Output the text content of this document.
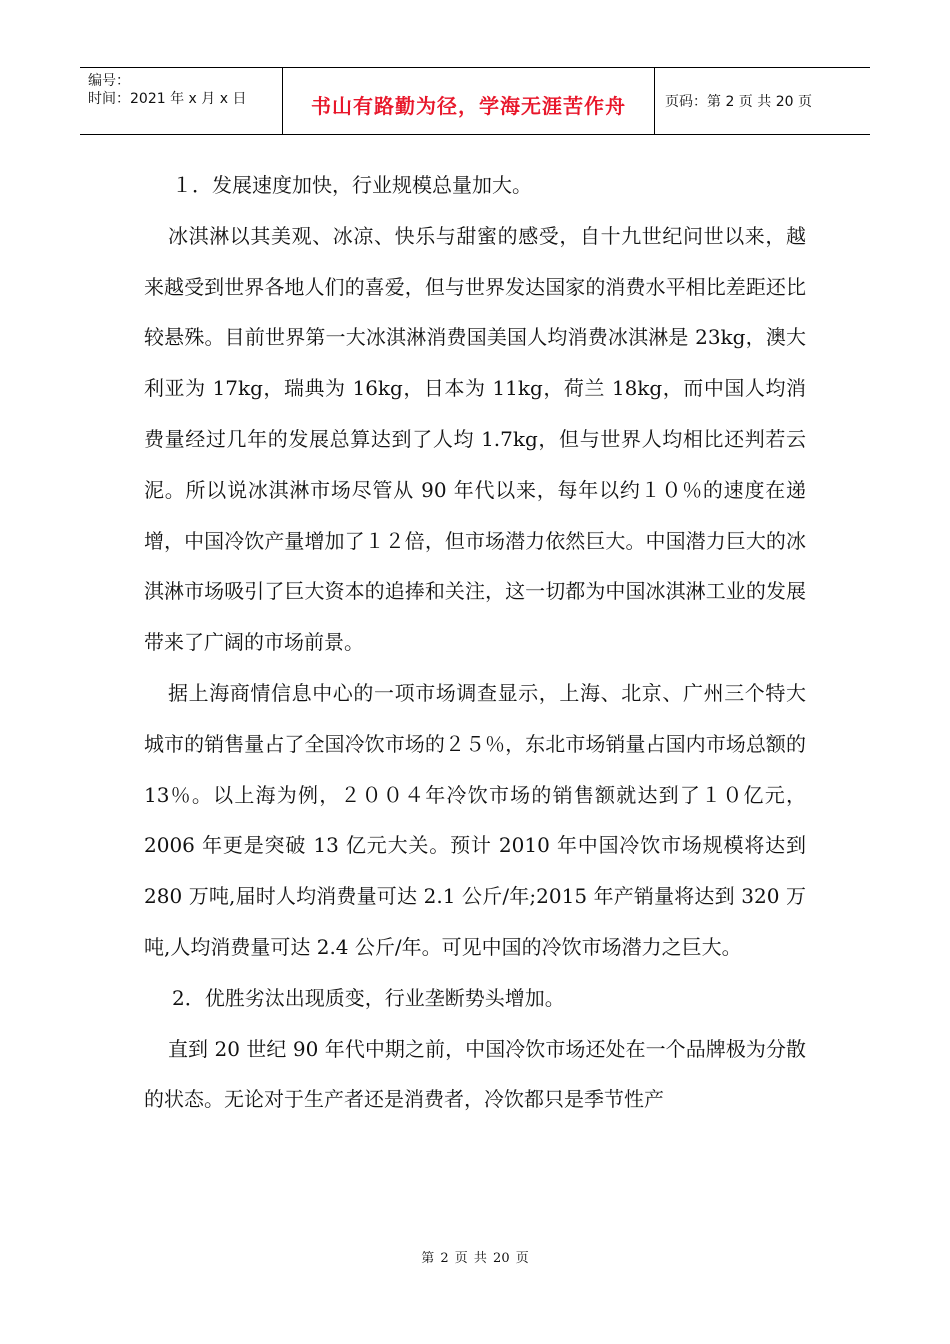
编号：
时间：2021 年 x 月 x 日	书山有路勤为径，学海无涯苦作舟	页码：第 2 页 共 20 页

１．发展速度加快，行业规模总量加大。

冰淇淋以其美观、冰凉、快乐与甜蜜的感受，自十九世纪问世以来，越来越受到世界各地人们的喜爱，但与世界发达国家的消费水平相比差距还比较悬殊。目前世界第一大冰淇淋消费国美国人均消费冰淇淋是 23kg，澳大利亚为 17kg，瑞典为 16kg，日本为 11kg，荷兰 18kg，而中国人均消费量经过几年的发展总算达到了人均 1.7kg，但与世界人均相比还判若云泥。所以说冰淇淋市场尽管从 90 年代以来，每年以约１０％的速度在递增，中国冷饮产量增加了１２倍，但市场潜力依然巨大。中国潜力巨大的冰淇淋市场吸引了巨大资本的追捧和关注，这一切都为中国冰淇淋工业的发展带来了广阔的市场前景。

据上海商情信息中心的一项市场调查显示，上海、北京、广州三个特大城市的销售量占了全国冷饮市场的２５％，东北市场销量占国内市场总额的 13％。以上海为例，２００４年冷饮市场的销售额就达到了１０亿元，2006 年更是突破 13 亿元大关。预计 2010 年中国冷饮市场规模将达到 280 万吨,届时人均消费量可达 2.1 公斤/年;2015 年产销量将达到 320 万吨,人均消费量可达 2.4 公斤/年。可见中国的冷饮市场潜力之巨大。

2．优胜劣汰出现质变，行业垄断势头增加。

直到 20 世纪 90 年代中期之前，中国冷饮市场还处在一个品牌极为分散的状态。无论对于生产者还是消费者，冷饮都只是季节性产

第 2 页 共 20 页
